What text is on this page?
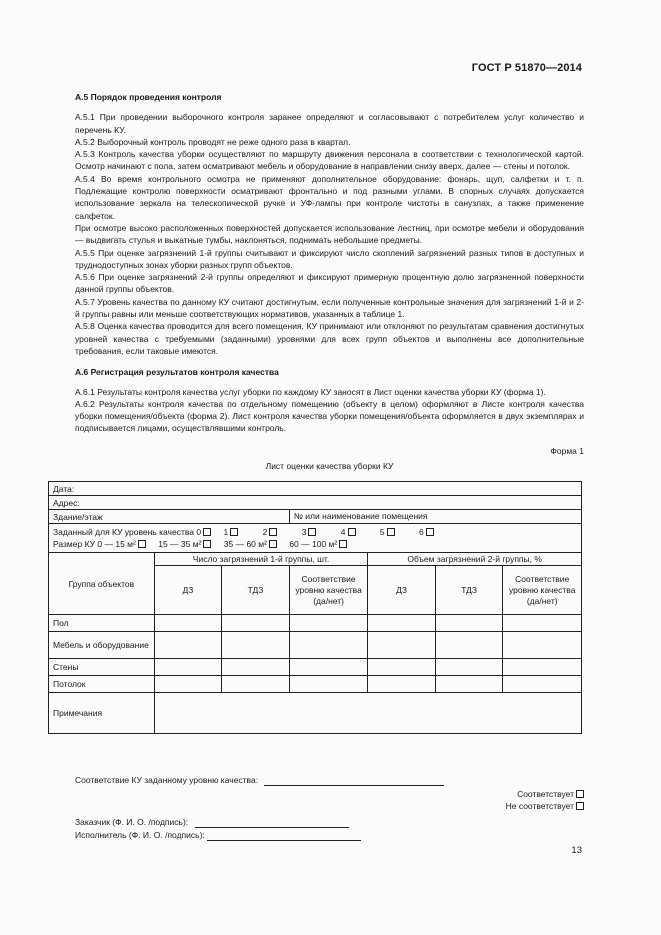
ГОСТ Р 51870—2014
А.5 Порядок проведения контроля

А.5.1 При проведении выборочного контроля заранее определяют и согласовывают с потребителем услуг количество и перечень КУ.

А.5.2 Выборочный контроль проводят не реже одного раза в квартал.

А.5.3 Контроль качества уборки осуществляют по маршруту движения персонала в соответствии с технологической картой. Осмотр начинают с пола, затем осматривают мебель и оборудование в направлении снизу вверх, далее — стены и потолок.

А.5.4 Во время контрольного осмотра не применяют дополнительное оборудование: фонарь, щуп, салфетки и т. п. Подлежащие контролю поверхности осматривают фронтально и под разными углами. В спорных случаях допускается использование зеркала на телескопической ручке и УФ-лампы при контроле чистоты в санузлах, а также применение салфеток.

При осмотре высоко расположенных поверхностей допускается использование лестниц, при осмотре мебели и оборудования — выдвигать стулья и выкатные тумбы, наклоняться, поднимать небольшие предметы.

А.5.5 При оценке загрязнений 1-й группы считывают и фиксируют число скоплений загрязнений разных типов в доступных и труднодоступных зонах уборки разных групп объектов.

А.5.6 При оценке загрязнений 2-й группы определяют и фиксируют примерную процентную долю загрязненной поверхности данной группы объектов.

А.5.7 Уровень качества по данному КУ считают достигнутым, если полученные контрольные значения для загрязнений 1-й и 2-й группы равны или меньше соответствующих нормативов, указанных в таблице 1.

А.5.8 Оценка качества проводится для всего помещения, КУ принимают или отклоняют по результатам сравнения достигнутых уровней качества с требуемыми (заданными) уровнями для всех групп объектов и выполнены все дополнительные требования, если таковые имеются.

А.6 Регистрация результатов контроля качества

А.6.1 Результаты контроля качества услуг уборки по каждому КУ заносят в Лист оценки качества уборки КУ (форма 1).

А.6.2 Результаты контроля качества по отдельному помещению (объекту в целом) оформляют в Листе контроля качества уборки помещения/объекта (форма 2). Лист контроля качества уборки помещения/объекта оформляется в двух экземплярах и подписывается лицами, осуществлявшими контроль.

Форма 1
Лист оценки качества уборки КУ
Дата:						
Адрес:						
Здание/этаж			№ или наименование помещения			
Заданный для КУ уровень качества 0 1 2 3 4 5 6						
Размер КУ 0 — 15 м² 15 — 35 м² 35 — 60 м² 60 — 100 м²						
Группа объектов	Число загрязнений 1-й группы, шт.			Объем загрязнений 2-й группы, %		
	ДЗ	ТДЗ	Соответствие уровню качества (да/нет)	ДЗ	ТДЗ	Соответствие уровню качества (да/нет)
Пол						
Мебель и оборудование						
Стены						
Потолок						
Примечания						
Соответствие КУ заданному уровню качества:
Соответствует
Не соответствует
Заказчик (Ф. И. О. /подпись):
Исполнитель (Ф. И. О. /подпись):
13
